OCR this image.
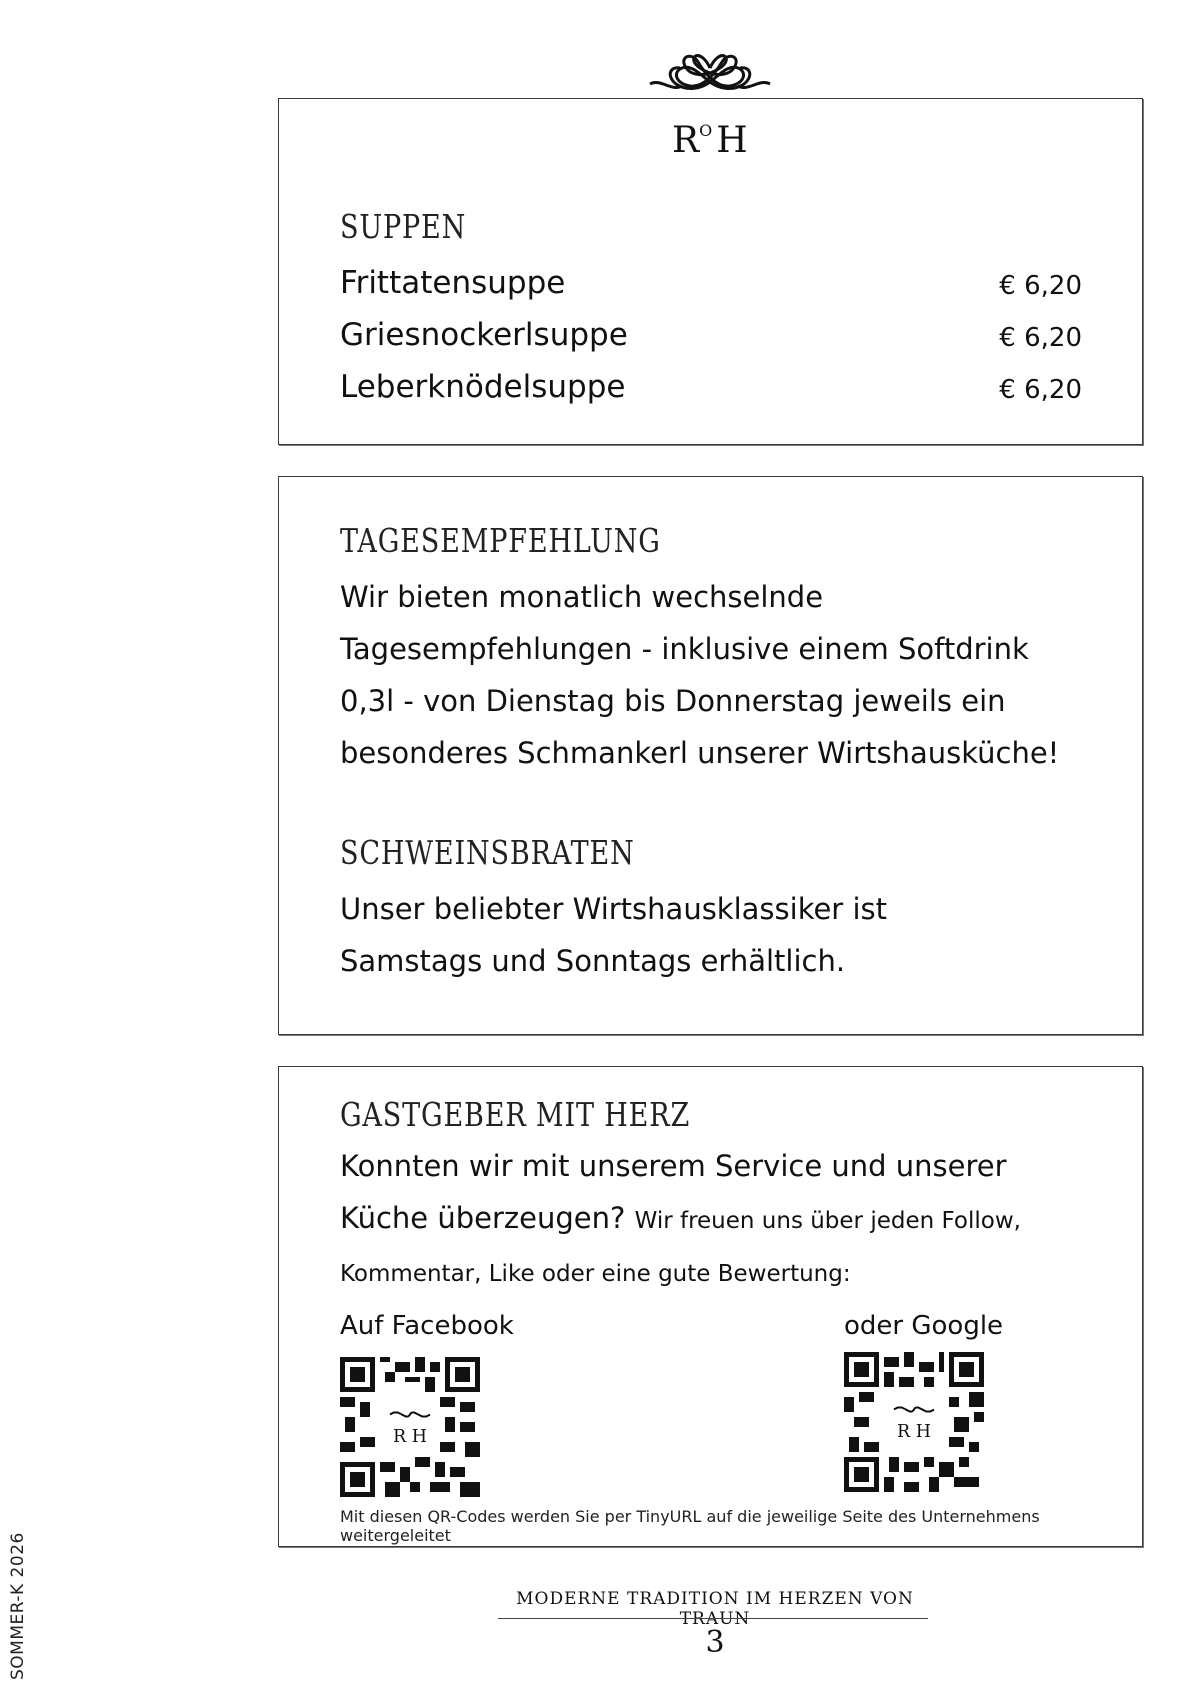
$R^O$ H
SUPPEN
Frittatensuppe	€ 6,20
Griesnockerlsuppe	€ 6,20
Leberknödelsuppe	€ 6,20
TAGESEMPFEHLUNG
Wir bieten monatlich wechselnde
Tagesempfehlungen - inklusive einem Softdrink
0,3l - von Dienstag bis Donnerstag jeweils ein
besonderes Schmankerl unserer Wirtshausküche!
SCHWEINSBRATEN
Unser beliebter Wirtshausklassiker ist
Samstags und Sonntags erhältlich.
GASTGEBER MIT HERZ
Konnten wir mit unserem Service und unserer
Küche überzeugen? Wir freuen uns über jeden Follow,
Kommentar, Like oder eine gute Bewertung:
Auf Facebook	oder Google
R H	R H
Mit diesen QR-Codes werden Sie per TinyURL auf die jeweilige Seite des Unternehmens weitergeleitet
MODERNE TRADITION IM HERZEN VON TRAUN
3
SOMMER-K 2026
